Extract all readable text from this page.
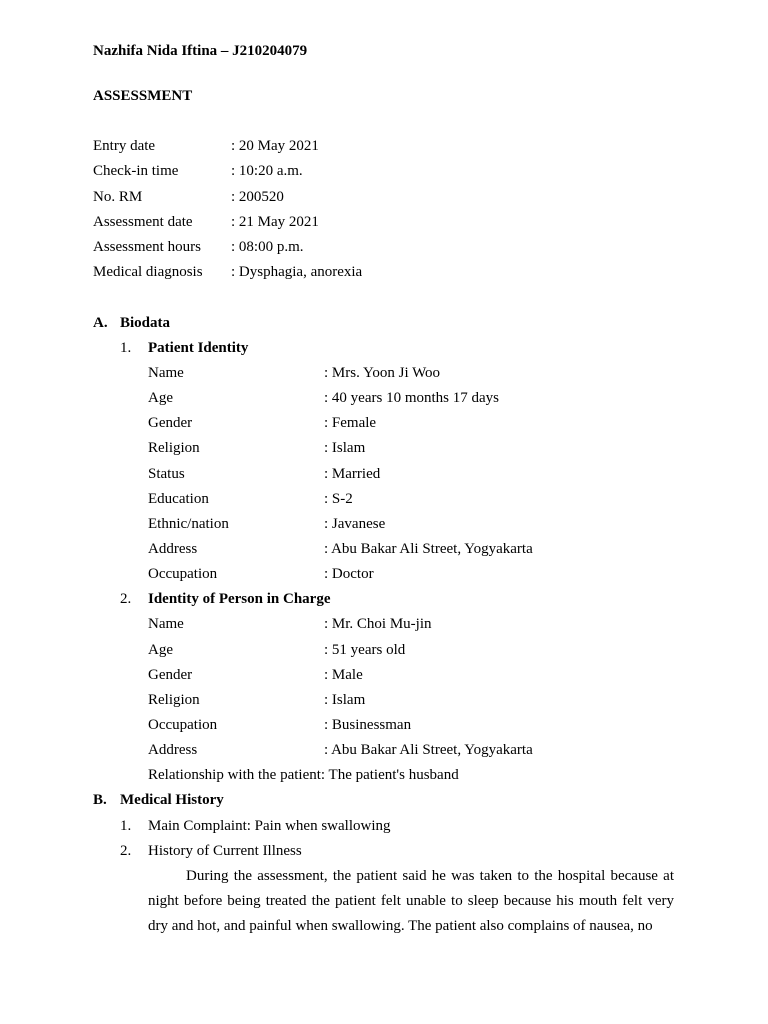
Nazhifa Nida Iftina – J210204079
ASSESSMENT
Entry date	: 20 May 2021
Check-in time	: 10:20 a.m.
No. RM	: 200520
Assessment date	: 21 May 2021
Assessment hours : 08:00 p.m.
Medical diagnosis : Dysphagia, anorexia
A. Biodata
1. Patient Identity
Name	: Mrs. Yoon Ji Woo
Age	: 40 years 10 months 17 days
Gender	: Female
Religion	: Islam
Status	: Married
Education	: S-2
Ethnic/nation	: Javanese
Address	: Abu Bakar Ali Street, Yogyakarta
Occupation	: Doctor
2. Identity of Person in Charge
Name	: Mr. Choi Mu-jin
Age	: 51 years old
Gender	: Male
Religion	: Islam
Occupation	: Businessman
Address	: Abu Bakar Ali Street, Yogyakarta
Relationship with the patient: The patient's husband
B. Medical History
1. Main Complaint: Pain when swallowing
2. History of Current Illness
During the assessment, the patient said he was taken to the hospital because at night before being treated the patient felt unable to sleep because his mouth felt very dry and hot, and painful when swallowing. The patient also complains of nausea, no
